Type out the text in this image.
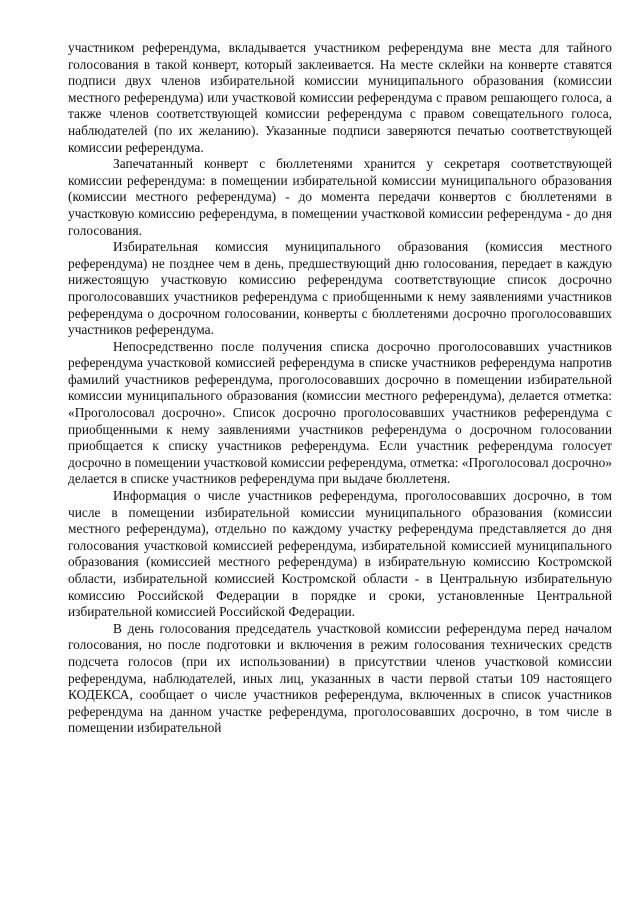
участником референдума, вкладывается участником референдума вне места для тайного голосования в такой конверт, который заклеивается. На месте склейки на конверте ставятся подписи двух членов избирательной комиссии муниципального образования (комиссии местного референдума) или участковой комиссии референдума с правом решающего голоса, а также членов соответствующей комиссии референдума с правом совещательного голоса, наблюдателей (по их желанию). Указанные подписи заверяются печатью соответствующей комиссии референдума.

Запечатанный конверт с бюллетенями хранится у секретаря соответствующей комиссии референдума: в помещении избирательной комиссии муниципального образования (комиссии местного референдума) - до момента передачи конвертов с бюллетенями в участковую комиссию референдума, в помещении участковой комиссии референдума - до дня голосования.

Избирательная комиссия муниципального образования (комиссия местного референдума) не позднее чем в день, предшествующий дню голосования, передает в каждую нижестоящую участковую комиссию референдума соответствующие список досрочно проголосовавших участников референдума с приобщенными к нему заявлениями участников референдума о досрочном голосовании, конверты с бюллетенями досрочно проголосовавших участников референдума.

Непосредственно после получения списка досрочно проголосовавших участников референдума участковой комиссией референдума в списке участников референдума напротив фамилий участников референдума, проголосовавших досрочно в помещении избирательной комиссии муниципального образования (комиссии местного референдума), делается отметка: «Проголосовал досрочно». Список досрочно проголосовавших участников референдума с приобщенными к нему заявлениями участников референдума о досрочном голосовании приобщается к списку участников референдума. Если участник референдума голосует досрочно в помещении участковой комиссии референдума, отметка: «Проголосовал досрочно» делается в списке участников референдума при выдаче бюллетеня.

Информация о числе участников референдума, проголосовавших досрочно, в том числе в помещении избирательной комиссии муниципального образования (комиссии местного референдума), отдельно по каждому участку референдума представляется до дня голосования участковой комиссией референдума, избирательной комиссией муниципального образования (комиссией местного референдума) в избирательную комиссию Костромской области, избирательной комиссией Костромской области - в Центральную избирательную комиссию Российской Федерации в порядке и сроки, установленные Центральной избирательной комиссией Российской Федерации.

В день голосования председатель участковой комиссии референдума перед началом голосования, но после подготовки и включения в режим голосования технических средств подсчета голосов (при их использовании) в присутствии членов участковой комиссии референдума, наблюдателей, иных лиц, указанных в части первой статьи 109 настоящего КОДЕКСА, сообщает о числе участников референдума, включенных в список участников референдума на данном участке референдума, проголосовавших досрочно, в том числе в помещении избирательной
